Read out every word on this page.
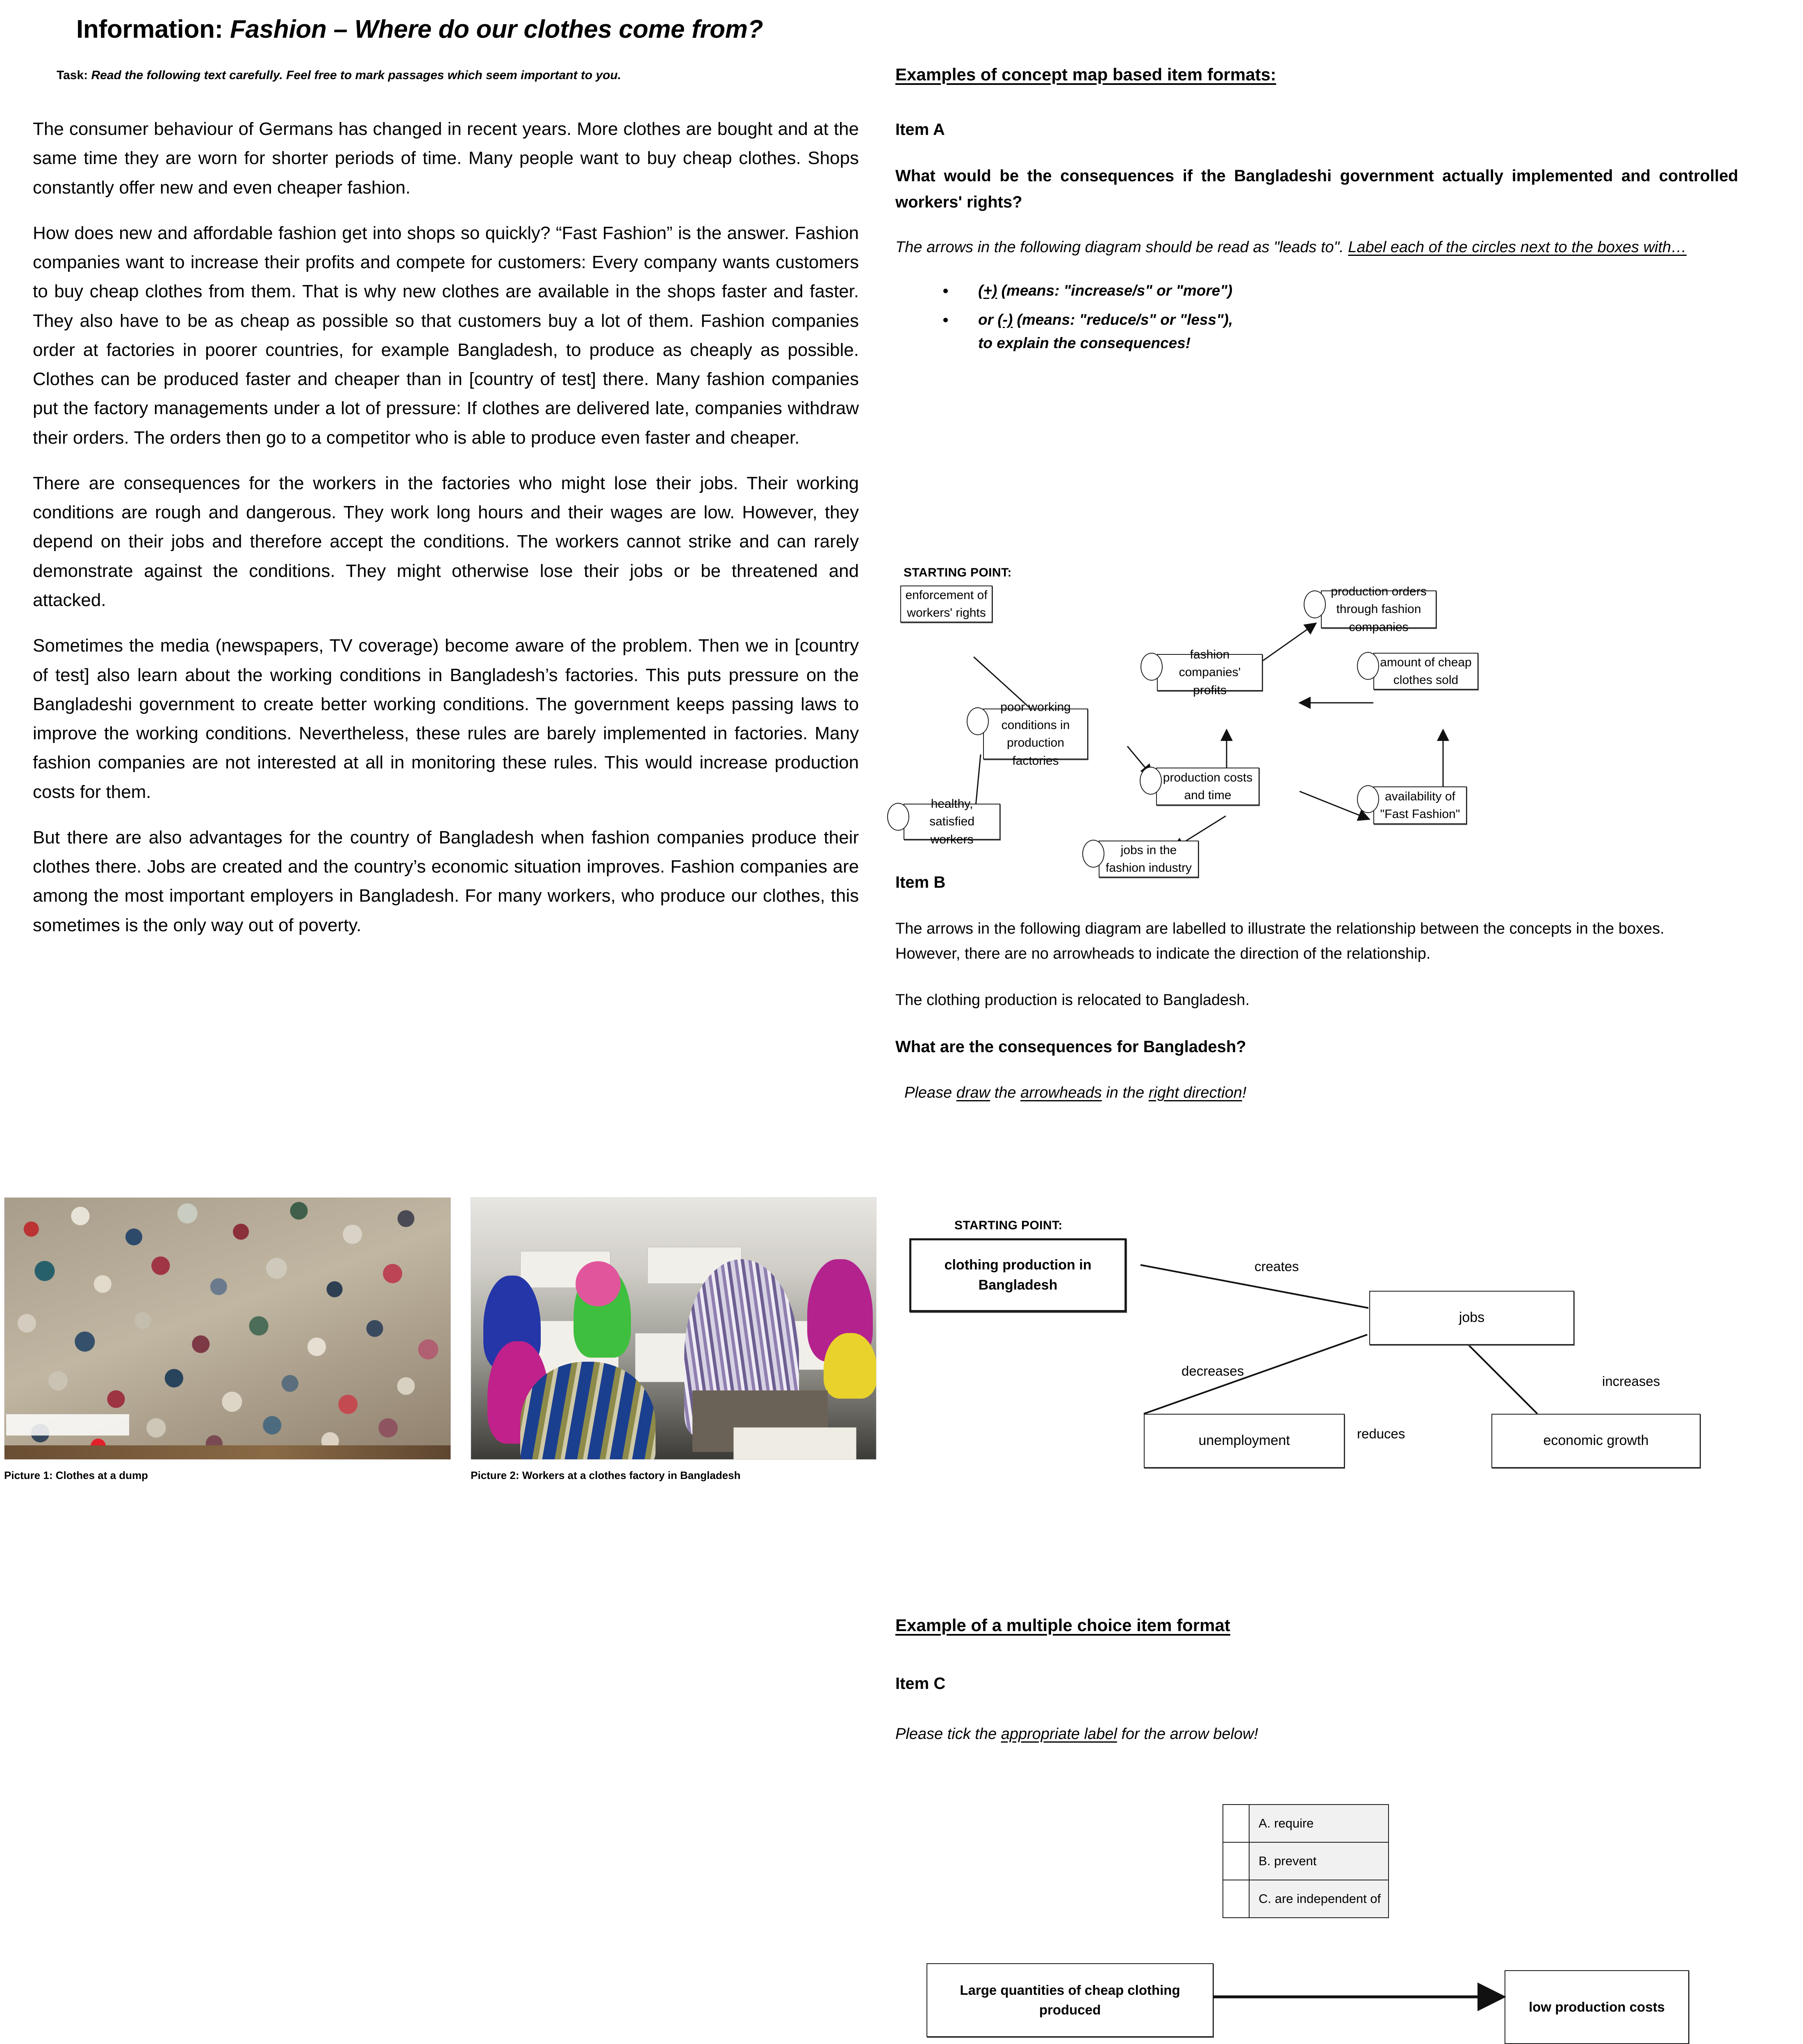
Information: Fashion – Where do our clothes come from?
Task: Read the following text carefully. Feel free to mark passages which seem important to you.

The consumer behaviour of Germans has changed in recent years. More clothes are bought and at the same time they are worn for shorter periods of time. Many people want to buy cheap clothes. Shops constantly offer new and even cheaper fashion.

How does new and affordable fashion get into shops so quickly? “Fast Fashion” is the answer. Fashion companies want to increase their profits and compete for customers: Every company wants customers to buy cheap clothes from them. That is why new clothes are available in the shops faster and faster. They also have to be as cheap as possible so that customers buy a lot of them. Fashion companies order at factories in poorer countries, for example Bangladesh, to produce as cheaply as possible. Clothes can be produced faster and cheaper than in [country of test] there. Many fashion companies put the factory managements under a lot of pressure: If clothes are delivered late, companies withdraw their orders. The orders then go to a competitor who is able to produce even faster and cheaper.

There are consequences for the workers in the factories who might lose their jobs. Their working conditions are rough and dangerous. They work long hours and their wages are low. However, they depend on their jobs and therefore accept the conditions. The workers cannot strike and can rarely demonstrate against the conditions. They might otherwise lose their jobs or be threatened and attacked.

Sometimes the media (newspapers, TV coverage) become aware of the problem. Then we in [country of test] also learn about the working conditions in Bangladesh’s factories. This puts pressure on the Bangladeshi government to create better working conditions. The government keeps passing laws to improve the working conditions. Nevertheless, these rules are barely implemented in factories. Many fashion companies are not interested at all in monitoring these rules. This would increase production costs for them.

But there are also advantages for the country of Bangladesh when fashion companies produce their clothes there. Jobs are created and the country’s economic situation improves. Fashion companies are among the most important employers in Bangladesh. For many workers, who produce our clothes, this sometimes is the only way out of poverty.

Picture 1: Clothes at a dump	Picture 2: Workers at a clothes factory in Bangladesh
Examples of concept map based item formats:
Item A
What would be the consequences if the Bangladeshi government actually implemented and controlled workers' rights?
The arrows in the following diagram should be read as "leads to". Label each of the circles next to the boxes with…
• (+) (means: "increase/s" or "more")
• or (-) (means: "reduce/s" or "less"),
to explain the consequences!
STARTING POINT:
enforcement of workers' rights
production orders through fashion companies
fashion companies' profits
amount of cheap clothes sold
poor working conditions in production factories
production costs and time	availability of "Fast Fashion"
healthy, satisfied workers
jobs in the fashion industry
Item B
The arrows in the following diagram are labelled to illustrate the relationship between the concepts in the boxes. However, there are no arrowheads to indicate the direction of the relationship.
The clothing production is relocated to Bangladesh.
What are the consequences for Bangladesh?
Please draw the arrowheads in the right direction!
STARTING POINT:
clothing production in Bangladesh
jobs
unemployment	economic growth
creates
decreases
increases
reduces
Example of a multiple choice item format
Item C
Please tick the appropriate label for the arrow below!
	A. require
	B. prevent
	C. are independent of
Large quantities of cheap clothing produced	low production costs
